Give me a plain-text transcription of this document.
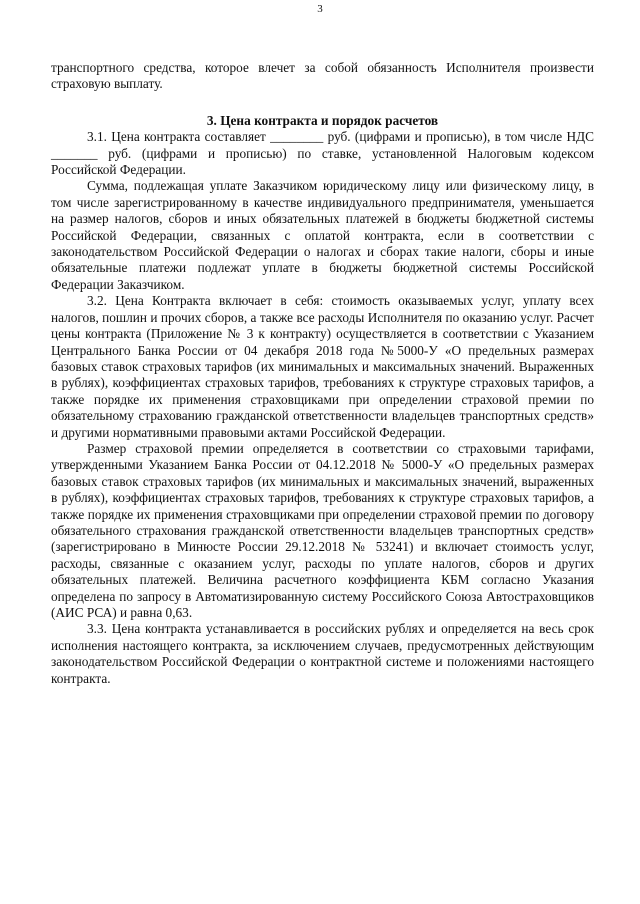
3

транспортного средства, которое влечет за собой обязанность Исполнителя произвести страховую выплату.

3. Цена контракта и порядок расчетов

3.1. Цена контракта составляет ________ руб. (цифрами и прописью), в том числе НДС _______ руб. (цифрами и прописью) по ставке, установленной Налоговым кодексом Российской Федерации.

Сумма, подлежащая уплате Заказчиком юридическому лицу или физическому лицу, в том числе зарегистрированному в качестве индивидуального предпринимателя, уменьшается на размер налогов, сборов и иных обязательных платежей в бюджеты бюджетной системы Российской Федерации, связанных с оплатой контракта, если в соответствии с законодательством Российской Федерации о налогах и сборах такие налоги, сборы и иные обязательные платежи подлежат уплате в бюджеты бюджетной системы Российской Федерации Заказчиком.

3.2. Цена Контракта включает в себя: стоимость оказываемых услуг, уплату всех налогов, пошлин и прочих сборов, а также все расходы Исполнителя по оказанию услуг. Расчет цены контракта (Приложение № 3 к контракту) осуществляется в соответствии с Указанием Центрального Банка России от 04 декабря 2018 года №5000-У «О предельных размерах базовых ставок страховых тарифов (их минимальных и максимальных значений. Выраженных в рублях), коэффициентах страховых тарифов, требованиях к структуре страховых тарифов, а также порядке их применения страховщиками при определении страховой премии по обязательному страхованию гражданской ответственности владельцев транспортных средств» и другими нормативными правовыми актами Российской Федерации.

Размер страховой премии определяется в соответствии со страховыми тарифами, утвержденными Указанием Банка России от 04.12.2018 № 5000-У «О предельных размерах базовых ставок страховых тарифов (их минимальных и максимальных значений, выраженных в рублях), коэффициентах страховых тарифов, требованиях к структуре страховых тарифов, а также порядке их применения страховщиками при определении страховой премии по договору обязательного страхования гражданской ответственности владельцев транспортных средств» (зарегистрировано в Минюсте России 29.12.2018 № 53241) и включает стоимость услуг, расходы, связанные с оказанием услуг, расходы по уплате налогов, сборов и других обязательных платежей. Величина расчетного коэффициента КБМ согласно Указания определена по запросу в Автоматизированную систему Российского Союза Автостраховщиков (АИС РСА) и равна 0,63.

3.3. Цена контракта устанавливается в российских рублях и определяется на весь срок исполнения настоящего контракта, за исключением случаев, предусмотренных действующим законодательством Российской Федерации о контрактной системе и положениями настоящего контракта.
